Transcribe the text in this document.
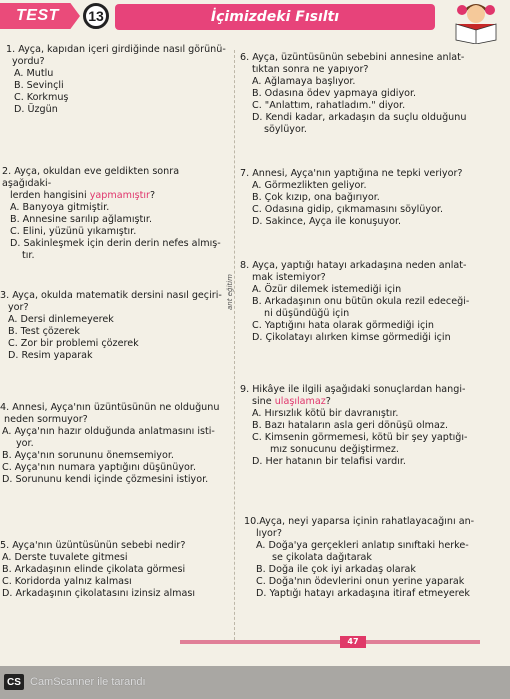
TEST	13	İçimizdeki Fısıltı
ant eğitim
1. Ayça, kapıdan içeri girdiğinde nasıl görünü-
yordu?
A. Mutlu
B. Sevinçli
C. Korkmuş
D. Üzgün
2. Ayça, okuldan eve geldikten sonra aşağıdaki-
lerden hangisini yapmamıştır?
A. Banyoya gitmiştir.
B. Annesine sarılıp ağlamıştır.
C. Elini, yüzünü yıkamıştır.
D. Sakinleşmek için derin derin nefes almış-
tır.
3. Ayça, okulda matematik dersini nasıl geçiri-
yor?
A. Dersi dinlemeyerek
B. Test çözerek
C. Zor bir problemi çözerek
D. Resim yaparak
4. Annesi, Ayça'nın üzüntüsünün ne olduğunu
neden sormuyor?
A. Ayça'nın hazır olduğunda anlatmasını isti-
yor.
B. Ayça'nın sorununu önemsemiyor.
C. Ayça'nın numara yaptığını düşünüyor.
D. Sorununu kendi içinde çözmesini istiyor.
5. Ayça'nın üzüntüsünün sebebi nedir?
A. Derste tuvalete gitmesi
B. Arkadaşının elinde çikolata görmesi
C. Koridorda yalnız kalması
D. Arkadaşının çikolatasını izinsiz alması
6. Ayça, üzüntüsünün sebebini annesine anlat-
tıktan sonra ne yapıyor?
A. Ağlamaya başlıyor.
B. Odasına ödev yapmaya gidiyor.
C. "Anlattım, rahatladım." diyor.
D. Kendi kadar, arkadaşın da suçlu olduğunu
söylüyor.
7. Annesi, Ayça'nın yaptığına ne tepki veriyor?
A. Görmezlikten geliyor.
B. Çok kızıp, ona bağırıyor.
C. Odasına gidip, çıkmamasını söylüyor.
D. Sakince, Ayça ile konuşuyor.
8. Ayça, yaptığı hatayı arkadaşına neden anlat-
mak istemiyor?
A. Özür dilemek istemediği için
B. Arkadaşının onu bütün okula rezil edeceği-
ni düşündüğü için
C. Yaptığını hata olarak görmediği için
D. Çikolatayı alırken kimse görmediği için
9. Hikâye ile ilgili aşağıdaki sonuçlardan hangi-
sine ulaşılamaz?
A. Hırsızlık kötü bir davranıştır.
B. Bazı hataların asla geri dönüşü olmaz.
C. Kimsenin görmemesi, kötü bir şey yaptığı-
mız sonucunu değiştirmez.
D. Her hatanın bir telafisi vardır.
10.Ayça, neyi yaparsa içinin rahatlayacağını an-
lıyor?
A. Doğa'ya gerçekleri anlatıp sınıftaki herke-
se çikolata dağıtarak
B. Doğa ile çok iyi arkadaş olarak
C. Doğa'nın ödevlerini onun yerine yaparak
D. Yaptığı hatayı arkadaşına itiraf etmeyerek
47
CS CamScanner ile tarandı
